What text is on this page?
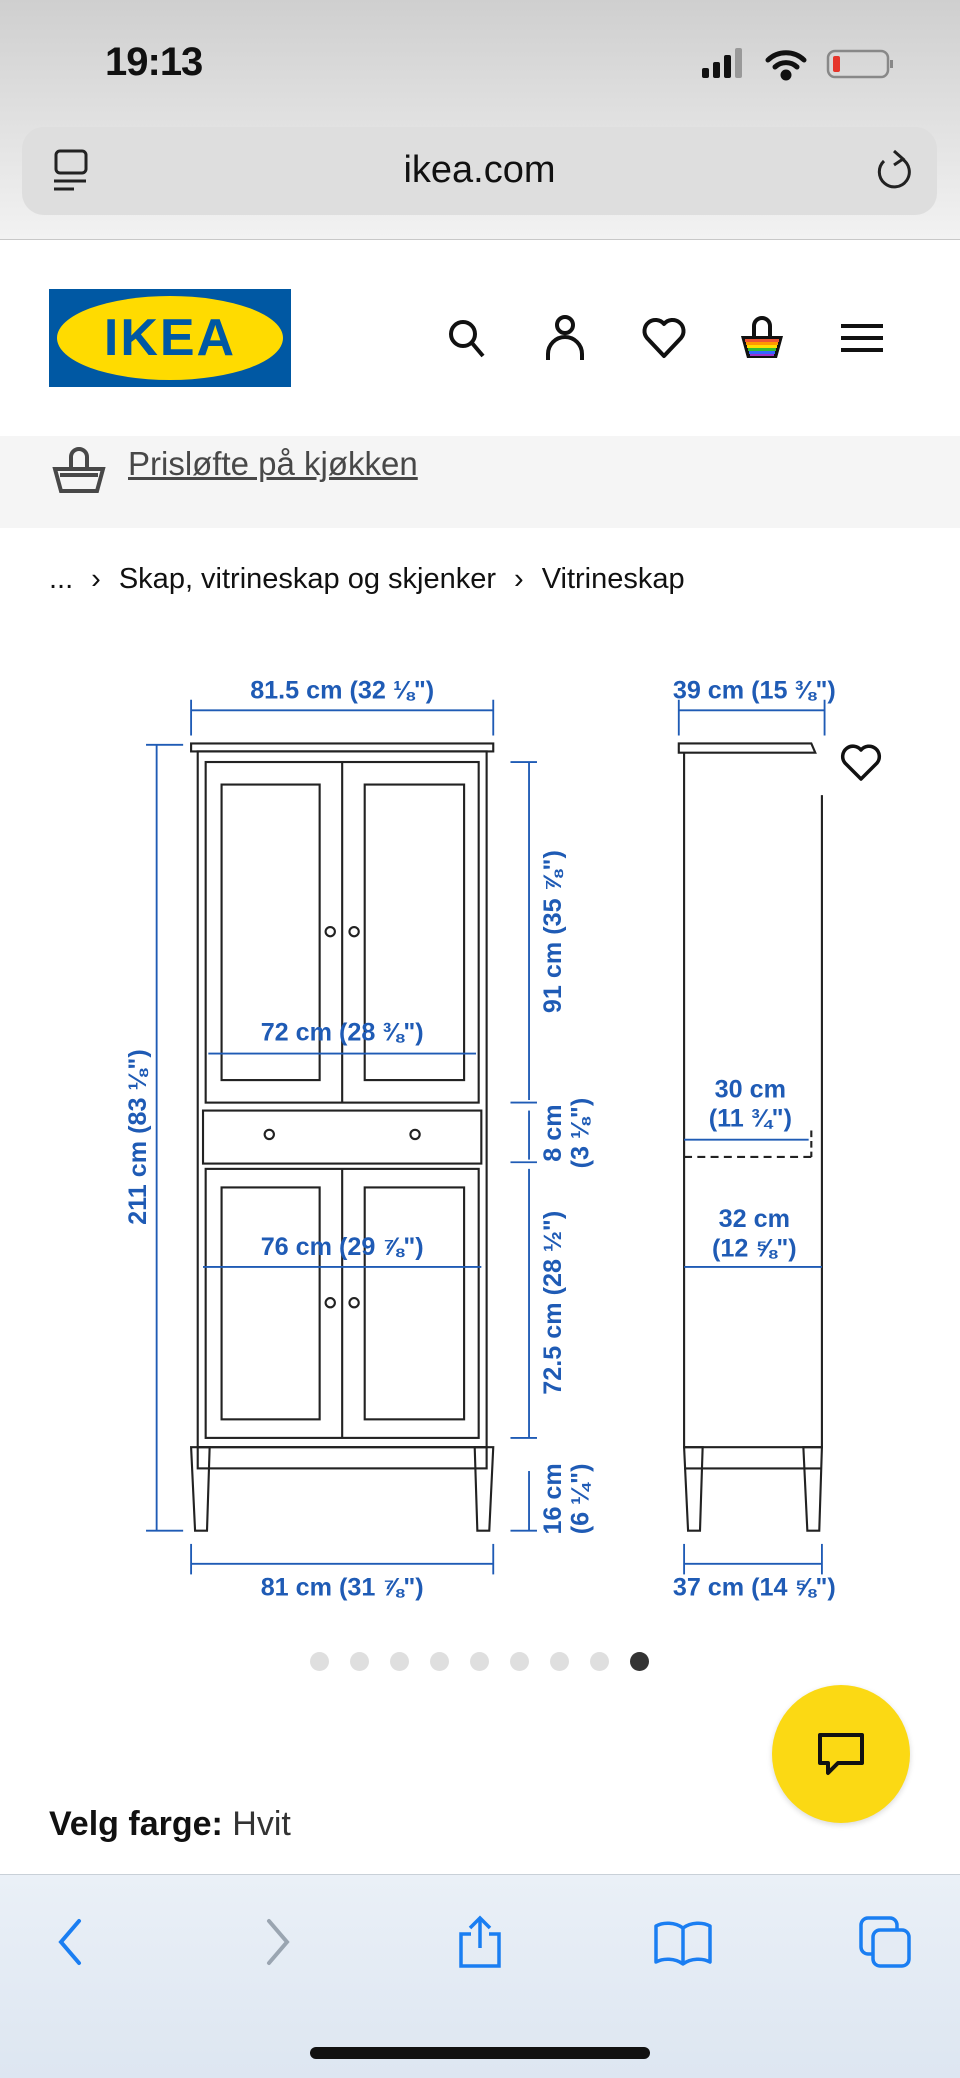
19:13
ikea.com
IKEA
Prisløfte på kjøkken
... › Skap, vitrineskap og skjenker › Vitrineskap
81.5 cm (32 ⅛")
211 cm (83 ⅛")
91 cm (35 ⅞")
8 cm (3 ⅛")
72.5 cm (28 ½")
16 cm (6 ¼")
72 cm (28 ⅜")
76 cm (29 ⅞")
81 cm (31 ⅞")
39 cm (15 ⅜")
30 cm
(11 ¾")
32 cm
(12 ⅝")
37 cm (14 ⅝")
Velg farge: Hvit
